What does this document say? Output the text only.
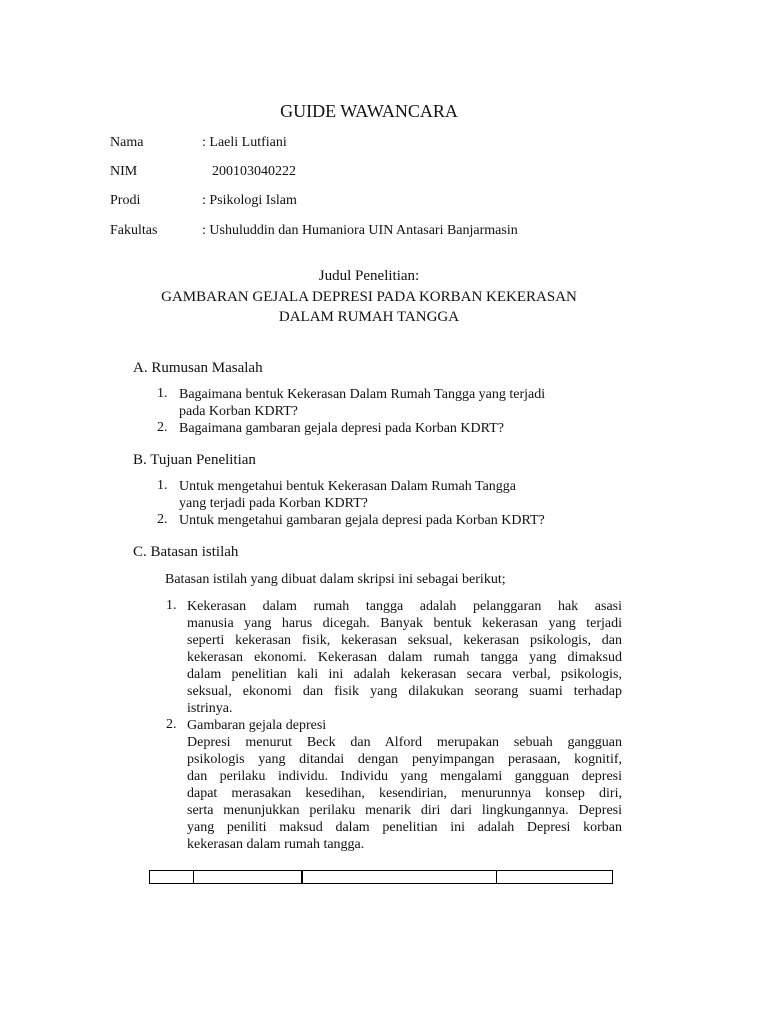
GUIDE WAWANCARA
Nama	: Laeli Lutfiani
NIM	200103040222
Prodi	: Psikologi Islam
Fakultas	: Ushuluddin dan Humaniora UIN Antasari Banjarmasin
Judul Penelitian:
GAMBARAN GEJALA DEPRESI PADA KORBAN KEKERASAN
DALAM RUMAH TANGGA
A. Rumusan Masalah
1. Bagaimana bentuk Kekerasan Dalam Rumah Tangga yang terjadi
pada Korban KDRT?
2. Bagaimana gambaran gejala depresi pada Korban KDRT?
B. Tujuan Penelitian
1. Untuk mengetahui bentuk Kekerasan Dalam Rumah Tangga
yang terjadi pada Korban KDRT?
2. Untuk mengetahui gambaran gejala depresi pada Korban KDRT?
C. Batasan istilah
Batasan istilah yang dibuat dalam skripsi ini sebagai berikut;
1. Kekerasan dalam rumah tangga adalah pelanggaran hak asasi
manusia yang harus dicegah. Banyak bentuk kekerasan yang terjadi
seperti kekerasan fisik, kekerasan seksual, kekerasan psikologis, dan
kekerasan ekonomi. Kekerasan dalam rumah tangga yang dimaksud
dalam penelitian kali ini adalah kekerasan secara verbal, psikologis,
seksual, ekonomi dan fisik yang dilakukan seorang suami terhadap
istrinya.
2. Gambaran gejala depresi
Depresi menurut Beck dan Alford merupakan sebuah gangguan
psikologis yang ditandai dengan penyimpangan perasaan, kognitif,
dan perilaku individu. Individu yang mengalami gangguan depresi
dapat merasakan kesedihan, kesendirian, menurunnya konsep diri,
serta menunjukkan perilaku menarik diri dari lingkungannya. Depresi
yang peniliti maksud dalam penelitian ini adalah Depresi korban
kekerasan dalam rumah tangga.
